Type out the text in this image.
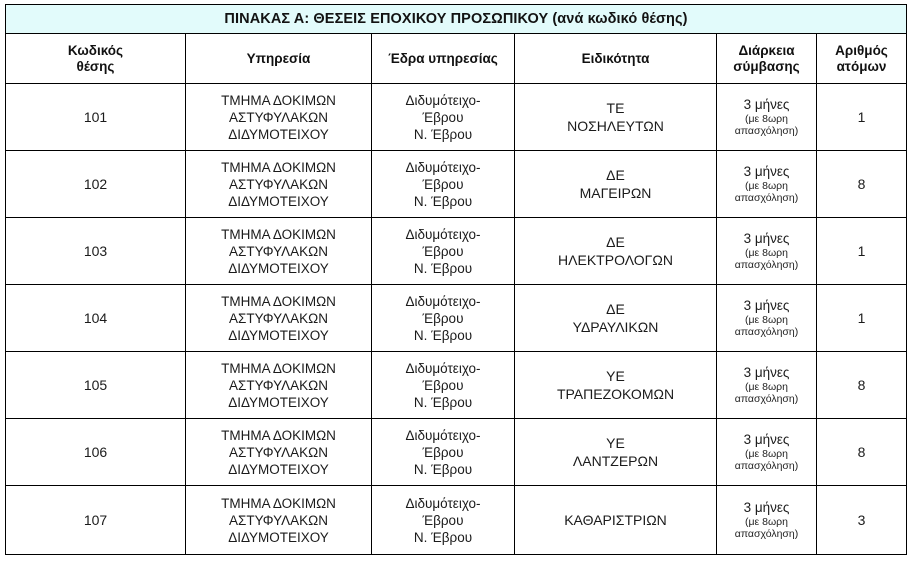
ΠΙΝΑΚΑΣ Α: ΘΕΣΕΙΣ ΕΠΟΧΙΚΟΥ ΠΡΟΣΩΠΙΚΟΥ (ανά κωδικό θέσης)					

Κωδικός
θέσης	Υπηρεσία	Έδρα υπηρεσίας	Ειδικότητα	Διάρκεια
σύμβασης	Αριθμός
ατόμων

101	ΤΜΗΜΑ ΔΟΚΙΜΩΝ
ΑΣΤΥΦΥΛΑΚΩΝ
ΔΙΔΥΜΟΤΕΙΧΟΥ	Διδυμότειχο-
Έβρου
Ν. Έβρου	ΤΕ
ΝΟΣΗΛΕΥΤΩΝ	3 μήνες
(με 8ωρη
απασχόληση)	1
102	ΤΜΗΜΑ ΔΟΚΙΜΩΝ
ΑΣΤΥΦΥΛΑΚΩΝ
ΔΙΔΥΜΟΤΕΙΧΟΥ	Διδυμότειχο-
Έβρου
Ν. Έβρου	ΔΕ
ΜΑΓΕΙΡΩΝ	3 μήνες
(με 8ωρη
απασχόληση)	8
103	ΤΜΗΜΑ ΔΟΚΙΜΩΝ
ΑΣΤΥΦΥΛΑΚΩΝ
ΔΙΔΥΜΟΤΕΙΧΟΥ	Διδυμότειχο-
Έβρου
Ν. Έβρου	ΔΕ
ΗΛΕΚΤΡΟΛΟΓΩΝ	3 μήνες
(με 8ωρη
απασχόληση)	1
104	ΤΜΗΜΑ ΔΟΚΙΜΩΝ
ΑΣΤΥΦΥΛΑΚΩΝ
ΔΙΔΥΜΟΤΕΙΧΟΥ	Διδυμότειχο-
Έβρου
Ν. Έβρου	ΔΕ
ΥΔΡΑΥΛΙΚΩΝ	3 μήνες
(με 8ωρη
απασχόληση)	1
105	ΤΜΗΜΑ ΔΟΚΙΜΩΝ
ΑΣΤΥΦΥΛΑΚΩΝ
ΔΙΔΥΜΟΤΕΙΧΟΥ	Διδυμότειχο-
Έβρου
Ν. Έβρου	ΥΕ
ΤΡΑΠΕΖΟΚΟΜΩΝ	3 μήνες
(με 8ωρη
απασχόληση)	8
106	ΤΜΗΜΑ ΔΟΚΙΜΩΝ
ΑΣΤΥΦΥΛΑΚΩΝ
ΔΙΔΥΜΟΤΕΙΧΟΥ	Διδυμότειχο-
Έβρου
Ν. Έβρου	ΥΕ
ΛΑΝΤΖΕΡΩΝ	3 μήνες
(με 8ωρη
απασχόληση)	8
107	ΤΜΗΜΑ ΔΟΚΙΜΩΝ
ΑΣΤΥΦΥΛΑΚΩΝ
ΔΙΔΥΜΟΤΕΙΧΟΥ	Διδυμότειχο-
Έβρου
Ν. Έβρου	ΚΑΘΑΡΙΣΤΡΙΩΝ	3 μήνες
(με 8ωρη
απασχόληση)	3
